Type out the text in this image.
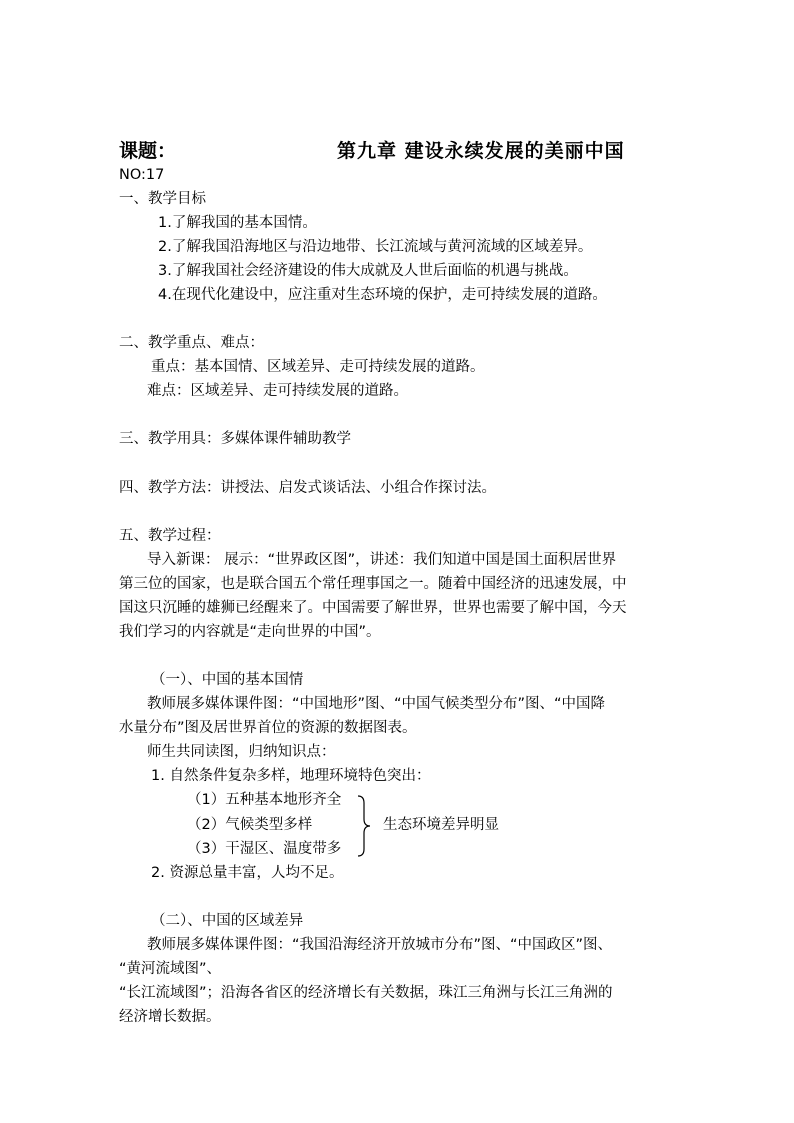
课题：	第九章 建设永续发展的美丽中国
NO:17
一、教学目标
1.了解我国的基本国情。
2.了解我国沿海地区与沿边地带、长江流域与黄河流域的区域差异。
3.了解我国社会经济建设的伟大成就及人世后面临的机遇与挑战。
4.在现代化建设中，应注重对生态环境的保护，走可持续发展的道路。
二、教学重点、难点：
重点：基本国情、区域差异、走可持续发展的道路。
难点：区域差异、走可持续发展的道路。
三、教学用具：多媒体课件辅助教学
四、教学方法：讲授法、启发式谈话法、小组合作探讨法。
五、教学过程：
导入新课： 展示：“世界政区图”，讲述：我们知道中国是国土面积居世界
第三位的国家，也是联合国五个常任理事国之一。随着中国经济的迅速发展，中
国这只沉睡的雄狮已经醒来了。中国需要了解世界，世界也需要了解中国，今天
我们学习的内容就是“走向世界的中国”。
（一）、中国的基本国情
教师展多媒体课件图：“中国地形”图、“中国气候类型分布”图、“中国降
水量分布”图及居世界首位的资源的数据图表。
师生共同读图，归纳知识点：
1. 自然条件复杂多样，地理环境特色突出：
（1）五种基本地形齐全
（2）气候类型多样
（3）干湿区、温度带多
生态环境差异明显
2. 资源总量丰富，人均不足。
（二）、中国的区域差异
教师展多媒体课件图：“我国沿海经济开放城市分布”图、“中国政区”图、
“黄河流域图”、
“长江流域图”；沿海各省区的经济增长有关数据，珠江三角洲与长江三角洲的
经济增长数据。
